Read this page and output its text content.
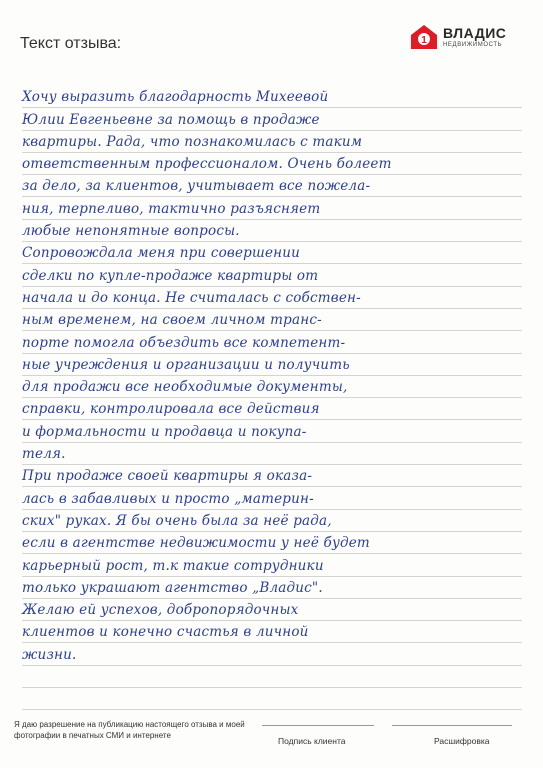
Текст отзыва:	1 ВЛАДИС
НЕДВИЖИМОСТЬ
Хочу выразить благодарность Михеевой
Юлии Евгеньевне за помощь в продаже
квартиры. Рада, что познакомилась с таким
ответственным профессионалом. Очень болеет
за дело, за клиентов, учитывает все пожела-
ния, терпеливо, тактично разъясняет
любые непонятные вопросы.
Сопровождала меня при совершении
сделки по купле-продаже квартиры от
начала и до конца. Не считалась с собствен-
ным временем, на своем личном транс-
порте помогла объездить все компетент-
ные учреждения и организации и получить
для продажи все необходимые документы,
справки, контролировала все действия
и формальности и продавца и покупа-
теля.
При продаже своей квартиры я оказа-
лась в забавливых и просто „материн-
ских" руках. Я бы очень была за неё рада,
если в агентстве недвижимости у неё будет
карьерный рост, т.к такие сотрудники
только украшают агентство „Владис".
Желаю ей успехов, добропорядочных
клиентов и конечно счастья в личной
жизни.
Я даю разрешение на публикацию настоящего отзыва и моей фотографии в печатных СМИ и интернете
Подпись клиента	Расшифровка
